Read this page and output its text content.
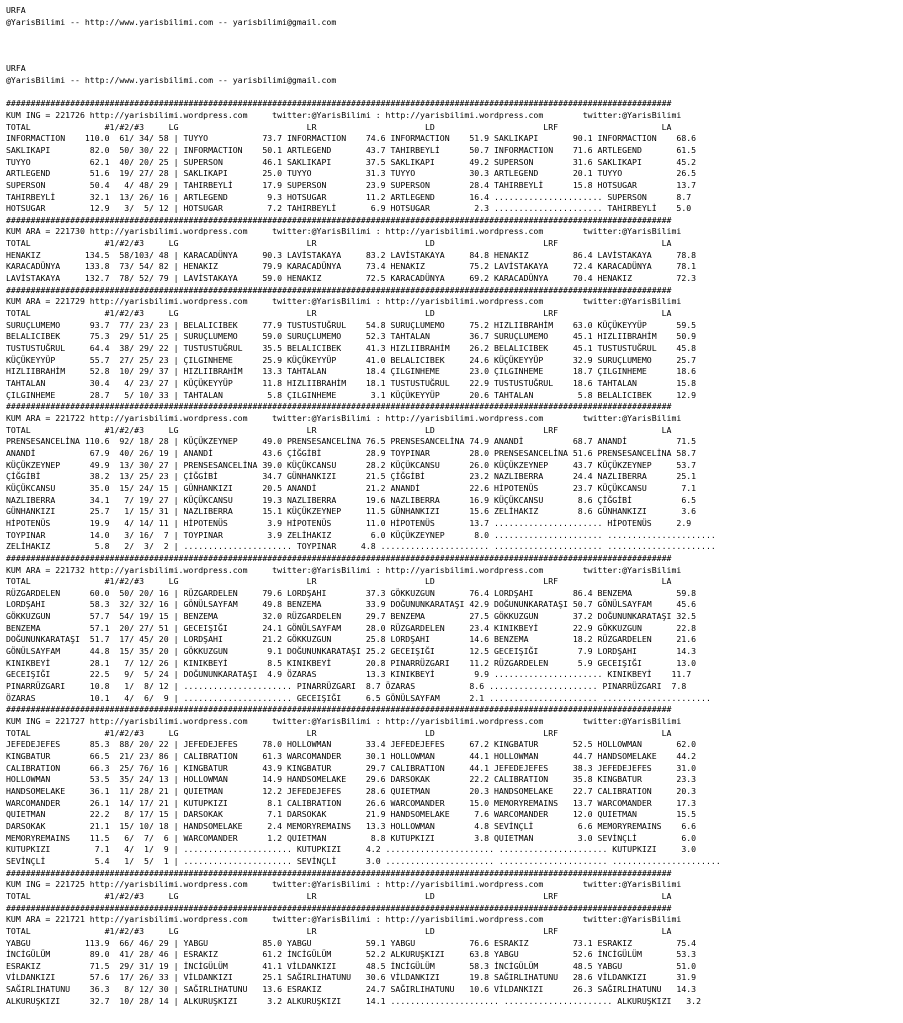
URFA
@YarisBilimi -- http://www.yarisbilimi.com -- yarisbilimi@gmail.com
URFA
@YarisBilimi -- http://www.yarisbilimi.com -- yarisbilimi@gmail.com
#######################################################################################################################################
KUM ING = 221726 http://yarisbilimi.wordpress.com     twitter:@YarisBilimi : http://yarisbilimi.wordpress.com        twitter:@YarisBilimi
TOTAL               #1/#2/#3     LG                          LR                      LD                      LRF                     LA
INFORMACTION    110.0  61/ 34/ 58 | TUYYO           73.7 INFORMACTION    74.6 INFORMACTION    51.9 SAKLIKAPI       90.1 INFORMACTION    68.6
SAKLIKAPI        82.0  50/ 30/ 22 | INFORMACTION    50.1 ARTLEGEND       43.7 TAHIRBEYLİ      50.7 INFORMACTION    71.6 ARTLEGEND       61.5
TUYYO            62.1  40/ 20/ 25 | SUPERSON        46.1 SAKLIKAPI       37.5 SAKLIKAPI       49.2 SUPERSON        31.6 SAKLIKAPI       45.2
ARTLEGEND        51.6  19/ 27/ 28 | SAKLIKAPI       25.0 TUYYO           31.3 TUYYO           30.3 ARTLEGEND       20.1 TUYYO           26.5
SUPERSON         50.4   4/ 48/ 29 | TAHIRBEYLİ      17.9 SUPERSON        23.9 SUPERSON        28.4 TAHIRBEYLİ      15.8 HOTSUGAR        13.7
TAHIRBEYLİ       32.1  13/ 26/ 16 | ARTLEGEND        9.3 HOTSUGAR        11.2 ARTLEGEND       16.4 ...................... SUPERSON      8.7
HOTSUGAR         12.9   3/  5/ 12 | HOTSUGAR         7.2 TAHIRBEYLİ       6.9 HOTSUGAR         2.3 ...................... TAHIRBEYLİ    5.0
#######################################################################################################################################
KUM ARA = 221730 http://yarisbilimi.wordpress.com     twitter:@YarisBilimi : http://yarisbilimi.wordpress.com        twitter:@YarisBilimi
TOTAL               #1/#2/#3     LG                          LR                      LD                      LRF                     LA
HENAKIZ         134.5  58/103/ 48 | KARACADÜNYA     90.3 LAVİSTAKAYA     83.2 LAVİSTAKAYA     84.8 HENAKIZ         86.4 LAVİSTAKAYA     78.8
KARACADÜNYA     133.8  73/ 54/ 82 | HENAKIZ         79.9 KARACADÜNYA     73.4 HENAKIZ         75.2 LAVİSTAKAYA     72.4 KARACADÜNYA     78.1
LAVİSTAKAYA     132.7  78/ 52/ 79 | LAVİSTAKAYA     59.0 HENAKIZ         72.5 KARACADÜNYA     69.2 KARACADÜNYA     70.4 HENAKIZ         72.3
#######################################################################################################################################
KUM ARA = 221729 http://yarisbilimi.wordpress.com     twitter:@YarisBilimi : http://yarisbilimi.wordpress.com        twitter:@YarisBilimi
TOTAL               #1/#2/#3     LG                          LR                      LD                      LRF                     LA
SURUÇLUMEMO      93.7  77/ 23/ 23 | BELALICIBEK     77.9 TUSTUSTUĞRUL    54.8 SURUÇLUMEMO     75.2 HIZLIIBRAHİM    63.0 KÜÇÜKEYYÜP      59.5
BELALICIBEK      75.3  29/ 51/ 25 | SURUÇLUMEMO     59.0 SURUÇLUMEMO     52.3 TAHTALAN        36.7 SURUÇLUMEMO     45.1 HIZLIIBRAHİM    50.9
TUSTUSTUĞRUL     64.4  38/ 29/ 22 | TUSTUSTUĞRUL    35.5 BELALICIBEK     41.3 HIZLIIBRAHİM    26.2 BELALICIBEK     45.1 TUSTUSTUĞRUL    45.8
KÜÇÜKEYYÜP       55.7  27/ 25/ 23 | ÇILGINHEME      25.9 KÜÇÜKEYYÜP      41.0 BELALICIBEK     24.6 KÜÇÜKEYYÜP      32.9 SURUÇLUMEMO     25.7
HIZLIIBRAHİM     52.8  10/ 29/ 37 | HIZLIIBRAHİM    13.3 TAHTALAN        18.4 ÇILGINHEME      23.0 ÇILGINHEME      18.7 ÇILGINHEME      18.6
TAHTALAN         30.4   4/ 23/ 27 | KÜÇÜKEYYÜP      11.8 HIZLIIBRAHİM    18.1 TUSTUSTUĞRUL    22.9 TUSTUSTUĞRUL    18.6 TAHTALAN        15.8
ÇILGINHEME       28.7   5/ 10/ 33 | TAHTALAN         5.8 ÇILGINHEME       3.1 KÜÇÜKEYYÜP      20.6 TAHTALAN         5.8 BELALICIBEK     12.9
#######################################################################################################################################
KUM ARA = 221722 http://yarisbilimi.wordpress.com     twitter:@YarisBilimi : http://yarisbilimi.wordpress.com        twitter:@YarisBilimi
TOTAL               #1/#2/#3     LG                          LR                      LD                      LRF                     LA
PRENSESANCELİNA 110.6  92/ 18/ 28 | KÜÇÜKZEYNEP     49.0 PRENSESANCELİNA 76.5 PRENSESANCELİNA 74.9 ANANDİ          68.7 ANANDİ          71.5
ANANDİ           67.9  40/ 26/ 19 | ANANDİ          43.6 ÇİĞGİBİ         28.9 TOYPINAR        28.0 PRENSESANCELİNA 51.6 PRENSESANCELİNA 58.7
KÜÇÜKZEYNEP      49.9  13/ 30/ 27 | PRENSESANCELİNA 39.0 KÜÇÜKCANSU      28.2 KÜÇÜKCANSU      26.0 KÜÇÜKZEYNEP     43.7 KÜÇÜKZEYNEP     53.7
ÇİĞGİBİ          38.2  13/ 25/ 23 | ÇİĞGİBİ         34.7 GÜNHANKIZI      21.5 ÇİĞGİBİ         23.2 NAZLIBERRA      24.4 NAZLIBERRA      25.1
KÜÇÜKCANSU       35.0  15/ 24/ 15 | GÜNHANKIZI      20.5 ANANDİ          21.2 ANANDİ          22.6 HİPOTENÜS       23.7 KÜÇÜKCANSU       7.1
NAZLIBERRA       34.1   7/ 19/ 27 | KÜÇÜKCANSU      19.3 NAZLIBERRA      19.6 NAZLIBERRA      16.9 KÜÇÜKCANSU       8.6 ÇİĞGİBİ          6.5
GÜNHANKIZI       25.7   1/ 15/ 31 | NAZLIBERRA      15.1 KÜÇÜKZEYNEP     11.5 GÜNHANKIZI      15.6 ZELİHAKIZ        8.6 GÜNHANKIZI       3.6
HİPOTENÜS        19.9   4/ 14/ 11 | HİPOTENÜS        3.9 HİPOTENÜS       11.0 HİPOTENÜS       13.7 ...................... HİPOTENÜS     2.9
TOYPINAR         14.0   3/ 16/  7 | TOYPINAR         3.9 ZELİHAKIZ        6.0 KÜÇÜKZEYNEP      8.0 ...................... ......................
ZELİHAKIZ         5.8   2/  3/  2 | ...................... TOYPINAR     4.8 ...................... ...................... ......................
#######################################################################################################################################
KUM ARA = 221732 http://yarisbilimi.wordpress.com     twitter:@YarisBilimi : http://yarisbilimi.wordpress.com        twitter:@YarisBilimi
TOTAL               #1/#2/#3     LG                          LR                      LD                      LRF                     LA
RÜZGARDELEN      60.0  50/ 20/ 16 | RÜZGARDELEN     79.6 LORDŞAHI        37.3 GÖKKUZGUN       76.4 LORDŞAHI        86.4 BENZEMA         59.8
LORDŞAHI         58.3  32/ 32/ 16 | GÖNÜLSAYFAM     49.8 BENZEMA         33.9 DOĞUNUNKARATAŞI 42.9 DOĞUNUNKARATAŞI 50.7 GÖNÜLSAYFAM     45.6
GÖKKUZGUN        57.7  54/ 19/ 15 | BENZEMA         32.0 RÜZGARDELEN     29.7 BENZEMA         27.5 GÖKKUZGUN       37.2 DOĞUNUNKARATAŞI 32.5
BENZEMA          57.1  20/ 27/ 51 | GECEIŞIĞI       24.1 GÖNÜLSAYFAM     28.0 RÜZGARDELEN     23.4 KINIKBEYİ       22.9 GÖKKUZGUN       22.8
DOĞUNUNKARATAŞI  51.7  17/ 45/ 20 | LORDŞAHI        21.2 GÖKKUZGUN       25.8 LORDŞAHI        14.6 BENZEMA         18.2 RÜZGARDELEN     21.6
GÖNÜLSAYFAM      44.8  15/ 35/ 20 | GÖKKUZGUN        9.1 DOĞUNUNKARATAŞI 25.2 GECEIŞIĞI       12.5 GECEIŞIĞI        7.9 LORDŞAHI        14.3
KINIKBEYİ        28.1   7/ 12/ 26 | KINIKBEYİ        8.5 KINIKBEYİ       20.8 PINARRÜZGARI    11.2 RÜZGARDELEN      5.9 GECEIŞIĞI       13.0
GECEIŞIĞI        22.5   9/  5/ 24 | DOĞUNUNKARATAŞI  4.9 ÖZARAS          13.3 KINIKBEYİ        9.9 ...................... KINIKBEYİ    11.7
PINARRÜZGARI     10.8   1/  8/ 12 | ...................... PINARRÜZGARI  8.7 ÖZARAS           8.6 ...................... PINARRÜZGARI  7.8
ÖZARAS           10.1   4/  6/  9 | ...................... GECEIŞIĞI     6.5 GÖNÜLSAYFAM      2.1 ...................... ......................
#######################################################################################################################################
KUM ING = 221727 http://yarisbilimi.wordpress.com     twitter:@YarisBilimi : http://yarisbilimi.wordpress.com        twitter:@YarisBilimi
TOTAL               #1/#2/#3     LG                          LR                      LD                      LRF                     LA
JEFEDEJEFES      85.3  88/ 20/ 22 | JEFEDEJEFES     78.0 HOLLOWMAN       33.4 JEFEDEJEFES     67.2 KINGBATUR       52.5 HOLLOWMAN       62.0
KINGBATUR        66.5  21/ 23/ 86 | CALIBRATION     61.3 WARCOMANDER     30.1 HOLLOWMAN       44.1 HOLLOWMAN       44.7 HANDSOMELAKE    44.2
CALIBRATION      66.3  25/ 76/ 16 | KINGBATUR       43.9 KINGBATUR       29.7 CALIBRATION     44.1 JEFEDEJEFES     38.3 JEFEDEJEFES     31.0
HOLLOWMAN        53.5  35/ 24/ 13 | HOLLOWMAN       14.9 HANDSOMELAKE    29.6 DARSOKAK        22.2 CALIBRATION     35.8 KINGBATUR       23.3
HANDSOMELAKE     36.1  11/ 28/ 21 | QUIETMAN        12.2 JEFEDEJEFES     28.6 QUIETMAN        20.3 HANDSOMELAKE    22.7 CALIBRATION     20.3
WARCOMANDER      26.1  14/ 17/ 21 | KUTUPKIZI        8.1 CALIBRATION     26.6 WARCOMANDER     15.0 MEMORYREMAINS   13.7 WARCOMANDER     17.3
QUIETMAN         22.2   8/ 17/ 15 | DARSOKAK         7.1 DARSOKAK        21.9 HANDSOMELAKE     7.6 WARCOMANDER     12.0 QUIETMAN        15.5
DARSOKAK         21.1  15/ 10/ 18 | HANDSOMELAKE     2.4 MEMORYREMAINS   13.3 HOLLOWMAN        4.8 SEVİNÇLİ         6.6 MEMORYREMAINS    6.6
MEMORYREMAINS    11.5   6/  7/  6 | WARCOMANDER      1.2 QUIETMAN         8.8 KUTUPKIZI        3.8 QUIETMAN         3.0 SEVİNÇLİ         6.0
KUTUPKIZI         7.1   4/  1/  9 | ...................... KUTUPKIZI     4.2 ...................... ...................... KUTUPKIZI     3.0
SEVİNÇLİ          5.4   1/  5/  1 | ...................... SEVİNÇLİ      3.0 ...................... ...................... ......................
#######################################################################################################################################
KUM ING = 221725 http://yarisbilimi.wordpress.com     twitter:@YarisBilimi : http://yarisbilimi.wordpress.com        twitter:@YarisBilimi
TOTAL               #1/#2/#3     LG                          LR                      LD                      LRF                     LA
#######################################################################################################################################
KUM ARA = 221721 http://yarisbilimi.wordpress.com     twitter:@YarisBilimi : http://yarisbilimi.wordpress.com        twitter:@YarisBilimi
TOTAL               #1/#2/#3     LG                          LR                      LD                      LRF                     LA
YABGU           113.9  66/ 46/ 29 | YABGU           85.0 YABGU           59.1 YABGU           76.6 ESRAKIZ         73.1 ESRAKIZ         75.4
İNCİGÜLÜM        89.0  41/ 28/ 46 | ESRAKIZ         61.2 İNCİGÜLÜM       52.2 ALKURUŞKIZI     63.8 YABGU           52.6 İNCİGÜLÜM       53.3
ESRAKIZ          71.5  29/ 31/ 19 | İNCİGÜLÜM       41.1 VİLDANKIZI      48.5 İNCİGÜLÜM       58.3 İNCİGÜLÜM       48.5 YABGU           51.0
VİLDANKIZI       57.6  17/ 26/ 33 | VİLDANKIZI      25.1 SAĞIRLIHATUNU   30.6 VİLDANKIZI      19.8 SAĞIRLIHATUNU   28.6 VİLDANKIZI      31.9
SAĞIRLIHATUNU    36.3   8/ 12/ 30 | SAĞIRLIHATUNU   13.6 ESRAKIZ         24.7 SAĞIRLIHATUNU   10.6 VİLDANKIZI      26.3 SAĞIRLIHATUNU   14.3
ALKURUŞKIZI      32.7  10/ 28/ 14 | ALKURUŞKIZI      3.2 ALKURUŞKIZI     14.1 ...................... ...................... ALKURUŞKIZI   3.2
